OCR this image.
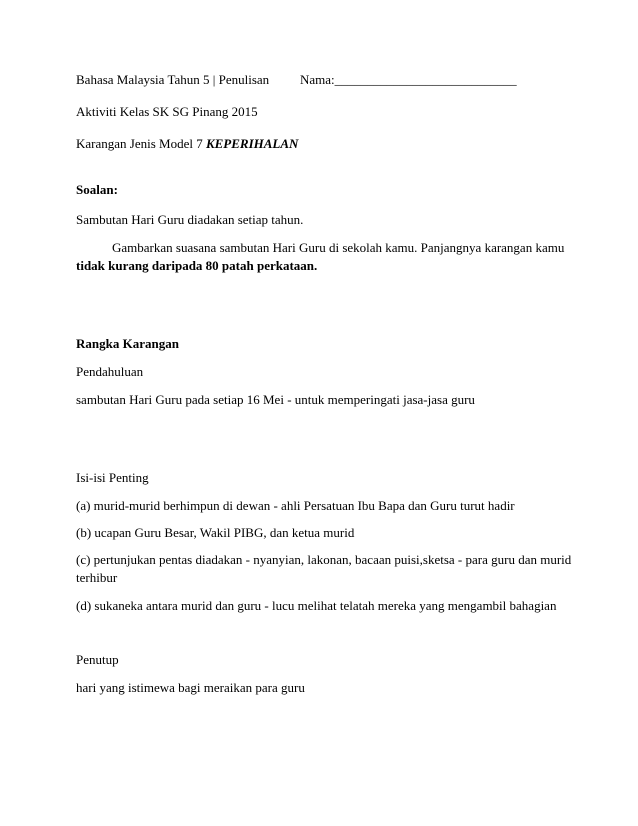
Bahasa Malaysia Tahun 5 | Penulisan Nama:____________________________
Aktiviti Kelas SK SG Pinang 2015
Karangan Jenis Model 7 KEPERIHALAN
Soalan:
Sambutan Hari Guru diadakan setiap tahun.
Gambarkan suasana sambutan Hari Guru di sekolah kamu. Panjangnya karangan kamu
tidak kurang daripada 80 patah perkataan.
Rangka Karangan
Pendahuluan
sambutan Hari Guru pada setiap 16 Mei - untuk memperingati jasa-jasa guru
Isi-isi Penting
(a) murid-murid berhimpun di dewan - ahli Persatuan Ibu Bapa dan Guru turut hadir
(b) ucapan Guru Besar, Wakil PIBG, dan ketua murid
(c) pertunjukan pentas diadakan - nyanyian, lakonan, bacaan puisi,sketsa - para guru dan murid
terhibur
(d) sukaneka antara murid dan guru - lucu melihat telatah mereka yang mengambil bahagian
Penutup
hari yang istimewa bagi meraikan para guru
